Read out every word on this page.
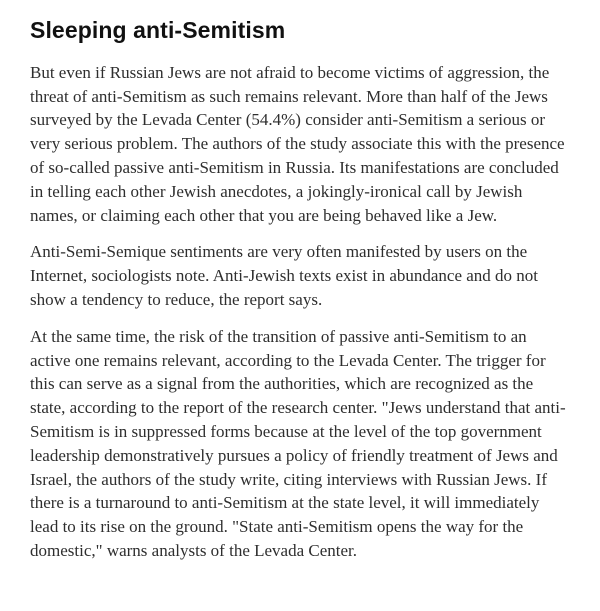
Sleeping anti-Semitism

But even if Russian Jews are not afraid to become victims of aggression, the threat of anti-Semitism as such remains relevant. More than half of the Jews surveyed by the Levada Center (54.4%) consider anti-Semitism a serious or very serious problem. The authors of the study associate this with the presence of so-called passive anti-Semitism in Russia. Its manifestations are concluded in telling each other Jewish anecdotes, a jokingly-ironical call by Jewish names, or claiming each other that you are being behaved like a Jew.

Anti-Semi-Semique sentiments are very often manifested by users on the Internet, sociologists note. Anti-Jewish texts exist in abundance and do not show a tendency to reduce, the report says.

At the same time, the risk of the transition of passive anti-Semitism to an active one remains relevant, according to the Levada Center. The trigger for this can serve as a signal from the authorities, which are recognized as the state, according to the report of the research center. "Jews understand that anti-Semitism is in suppressed forms because at the level of the top government leadership demonstratively pursues a policy of friendly treatment of Jews and Israel, the authors of the study write, citing interviews with Russian Jews. If there is a turnaround to anti-Semitism at the state level, it will immediately lead to its rise on the ground. "State anti-Semitism opens the way for the domestic," warns analysts of the Levada Center.
